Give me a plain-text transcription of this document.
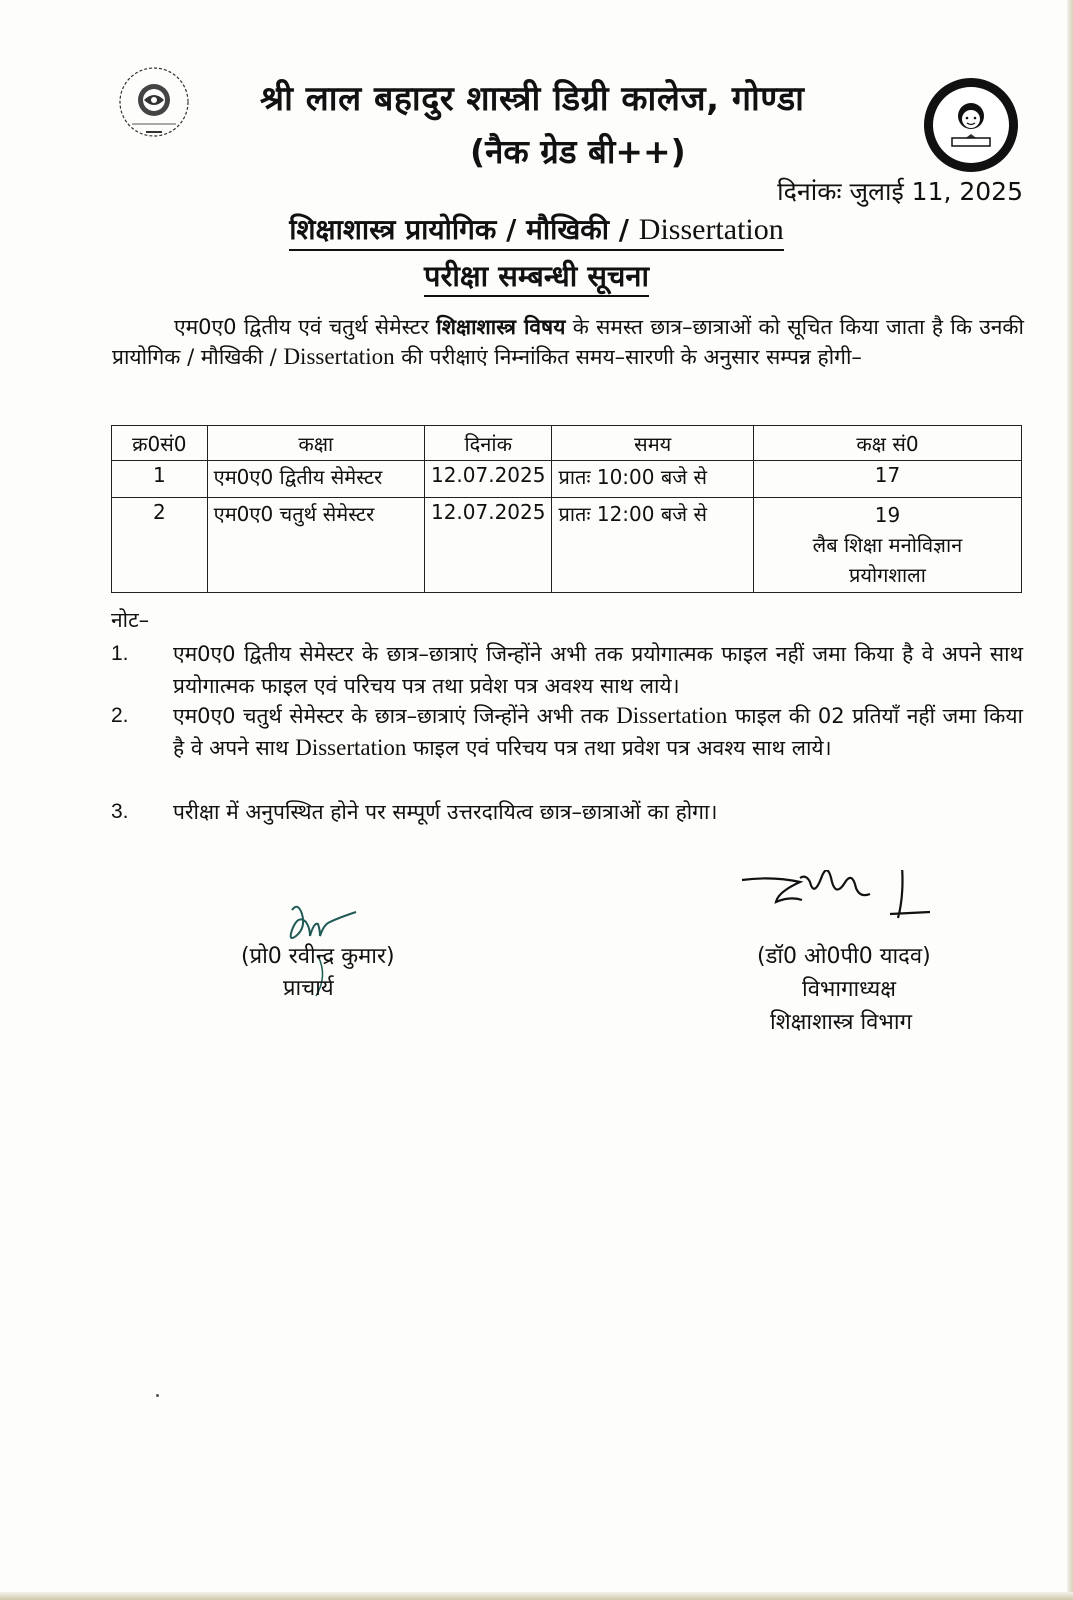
श्री लाल बहादुर शास्त्री डिग्री कालेज, गोण्डा
(नैक ग्रेड बी++)
दिनांकः जुलाई 11, 2025
शिक्षाशास्त्र प्रायोगिक / मौखिकी / Dissertation
परीक्षा सम्बन्धी सूचना
एम0ए0 द्वितीय एवं चतुर्थ सेमेस्टर शिक्षाशास्त्र विषय के समस्त छात्र–छात्राओं को सूचित किया जाता है कि उनकी प्रायोगिक / मौखिकी / Dissertation की परीक्षाएं निम्नांकित समय–सारणी के अनुसार सम्पन्न होगी–
क्र0सं0	कक्षा	दिनांक	समय	कक्ष सं0
1	एम0ए0 द्वितीय सेमेस्टर	12.07.2025	प्रातः 10:00 बजे से	17
2	एम0ए0 चतुर्थ सेमेस्टर	12.07.2025	प्रातः 12:00 बजे से	19
लैब शिक्षा मनोविज्ञान प्रयोगशाला
नोट–
1.	एम0ए0 द्वितीय सेमेस्टर के छात्र–छात्राएं जिन्होंने अभी तक प्रयोगात्मक फाइल नहीं जमा किया है वे अपने साथ प्रयोगात्मक फाइल एवं परिचय पत्र तथा प्रवेश पत्र अवश्य साथ लाये।
2.	एम0ए0 चतुर्थ सेमेस्टर के छात्र–छात्राएं जिन्होंने अभी तक Dissertation फाइल की 02 प्रतियाँ नहीं जमा किया है वे अपने साथ Dissertation फाइल एवं परिचय पत्र तथा प्रवेश पत्र अवश्य साथ लाये।
3.	परीक्षा में अनुपस्थित होने पर सम्पूर्ण उत्तरदायित्व छात्र–छात्राओं का होगा।
(प्रो0 रवीन्द्र कुमार)
प्राचार्य
(डॉ0 ओ0पी0 यादव)
विभागाध्यक्ष
शिक्षाशास्त्र विभाग
